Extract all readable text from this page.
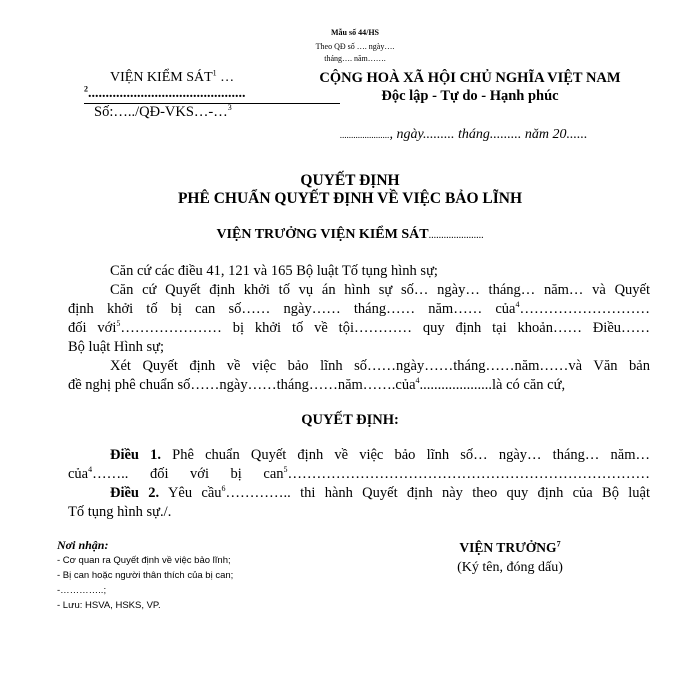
Mẫu số 44/HS
Theo QĐ số …. ngày….
tháng…. năm…….
VIỆN KIỂM SÁT$^1$ …
$^2$.............................................
Số:…../QĐ-VKS…-…$^3$
CỘNG HOÀ XÃ HỘI CHỦ NGHĨA VIỆT NAM
Độc lập - Tự do - Hạnh phúc
......................, ngày......... tháng......... năm 20......
QUYẾT ĐỊNH
PHÊ CHUẨN QUYẾT ĐỊNH VỀ VIỆC BẢO LĨNH
VIỆN TRƯỞNG VIỆN KIỂM SÁT......................
Căn cứ các điều 41, 121 và 165 Bộ luật Tố tụng hình sự;
Căn cứ Quyết định khởi tố vụ án hình sự số… ngày… tháng… năm… và Quyết
định khởi tố bị can số…… ngày…… tháng…… năm…… của$^4$………………………
đối với$^5$………………… bị khởi tố về tội………… quy định tại khoản…… Điều……
Bộ luật Hình sự;
Xét Quyết định về việc bảo lĩnh số……ngày……tháng……năm……và Văn bản
đề nghị phê chuẩn số……ngày……tháng……năm…….của$^4$....................là có căn cứ,
QUYẾT ĐỊNH:
Điều 1. Phê chuẩn Quyết định về việc bảo lĩnh số… ngày… tháng… năm…
của$^4$…….. đối với bị can$^5$…………………………………………………………………
Điều 2. Yêu cầu$^6$………….. thi hành Quyết định này theo quy định của Bộ luật
Tố tụng hình sự./.
Nơi nhận:
- Cơ quan ra Quyết định về việc bảo lĩnh;
- Bị can hoặc người thân thích của bị can;
-…………..;
- Lưu: HSVA, HSKS, VP.
VIỆN TRƯỞNG$^7$
(Ký tên, đóng dấu)
